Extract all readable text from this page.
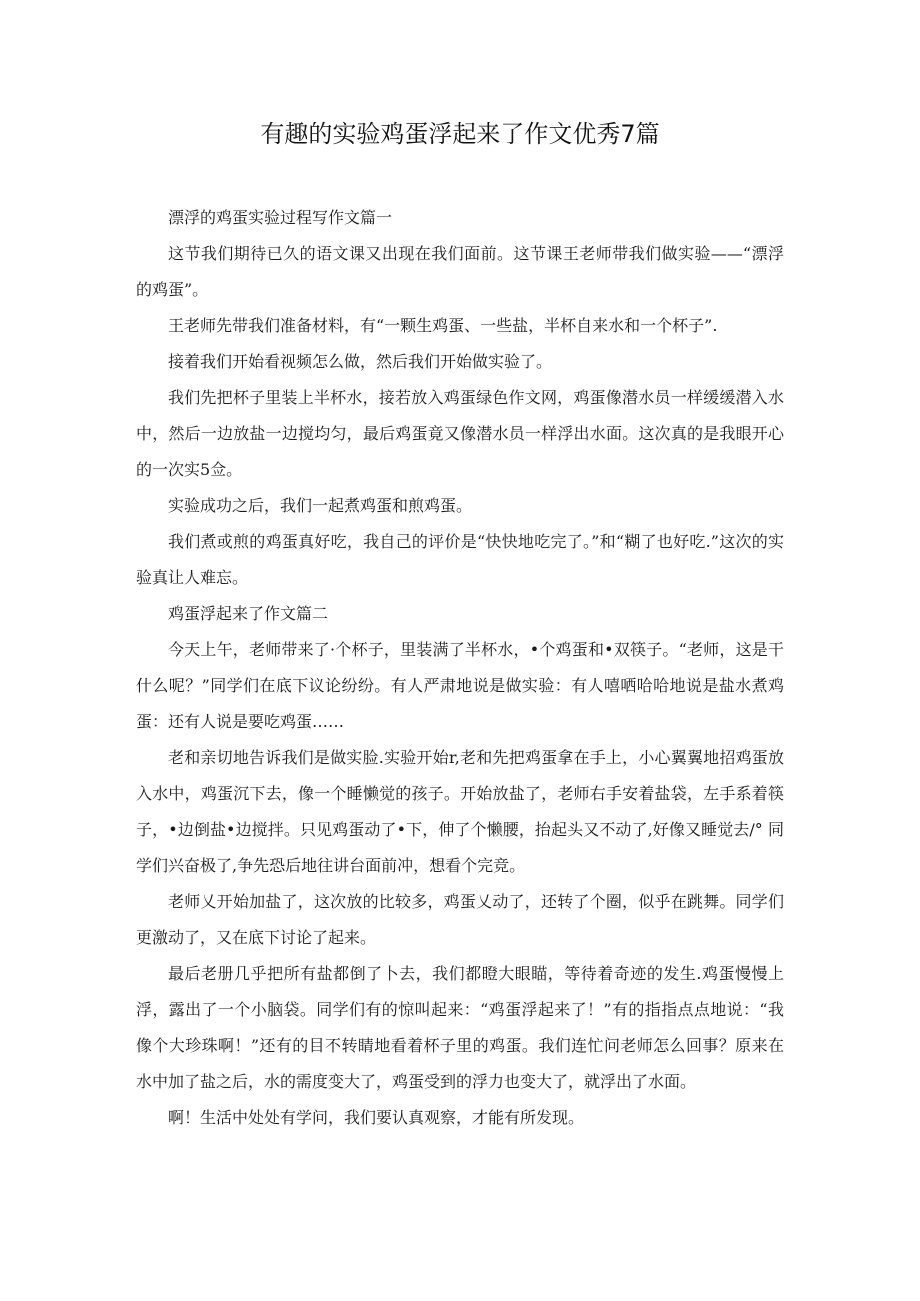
有趣的实验鸡蛋浮起来了作文优秀7篇

漂浮的鸡蛋实验过程写作文篇一

这节我们期待已久的语文课又出现在我们面前。这节课王老师带我们做实验——“漂浮的鸡蛋”。

王老师先带我们准备材料，有“一颗生鸡蛋、一些盐，半杯自来水和一个杯子”.

接着我们开始看视频怎么做，然后我们开始做实验了。

我们先把杯子里装上半杯水，接若放入鸡蛋绿色作文网，鸡蛋像潜水员一样缓缓潜入水中，然后一边放盐一边搅均匀，最后鸡蛋竟又像潜水员一样浮出水面。这次真的是我眼开心的一次实5佥。

实验成功之后，我们一起煮鸡蛋和煎鸡蛋。

我们煮或煎的鸡蛋真好吃，我自己的评价是“快快地吃完了。”和“糊了也好吃.”这次的实验真让人难忘。

鸡蛋浮起来了作文篇二

今天上午，老师带来了·个杯子，里装满了半杯水，•个鸡蛋和•双筷子。“老师，这是干什么呢？”同学们在底下议论纷纷。有人严肃地说是做实验：有人嘻哂哈哈地说是盐水煮鸡蛋：还有人说是要吃鸡蛋……

老和亲切地告诉我们是做实脸.实验开始r,老和先把鸡蛋拿在手上，小心翼翼地招鸡蛋放入水中，鸡蛋沉下去，像一个睡懒觉的孩子。开始放盐了，老师右手安着盐袋，左手系着筷子，•边倒盐•边搅拌。只见鸡蛋动了•下，伸了个懒腰，抬起头又不动了,好像又睡觉去/° 同学们兴奋极了,争先恐后地往讲台面前冲，想看个完竞。

老师乂开始加盐了，这次放的比较多，鸡蛋乂动了，还转了个圈，似乎在跳舞。同学们更激动了，又在底下讨论了起来。

最后老册几乎把所有盐都倒了卜去，我们都瞪大眼瞄，等待着奇迹的发生.鸡蛋慢慢上浮，露出了一个小脑袋。同学们有的惊叫起来：“鸡蛋浮起来了！”有的指指点点地说：“我像个大珍珠啊！”还有的目不转睛地看着杯子里的鸡蛋。我们连忙问老师怎么回事？原来在水中加了盐之后，水的需度变大了，鸡蛋受到的浮力也变大了，就浮出了水面。

啊！生活中处处有学问，我们要认真观察，才能有所发现。
